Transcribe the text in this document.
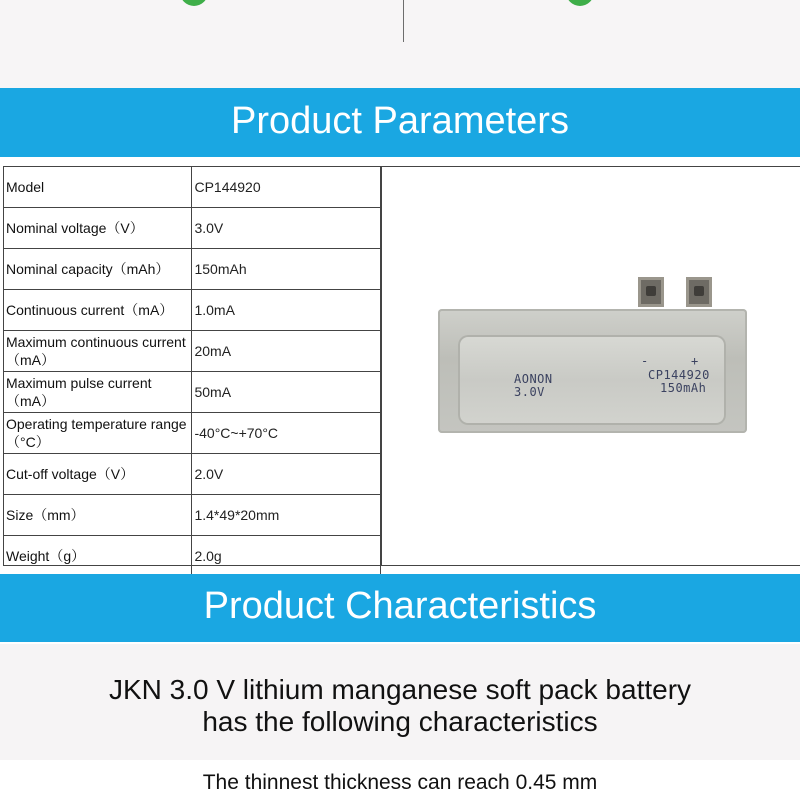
Product Parameters
Model	CP144920
Nominal voltage（V）	3.0V
Nominal capacity（mAh）	150mAh
Continuous current（mA）	1.0mA
Maximum continuous current（mA）	20mA
Maximum pulse current（mA）	50mA
Operating temperature range（°C）	-40°C~+70°C
Cut-off voltage（V）	2.0V
Size（mm）	1.4*49*20mm
Weight（g）	2.0g
-	+
AONON
3.0V
CP144920
150mAh
Product Characteristics
JKN 3.0 V lithium manganese soft pack battery
has the following characteristics
The thinnest thickness can reach 0.45 mm
